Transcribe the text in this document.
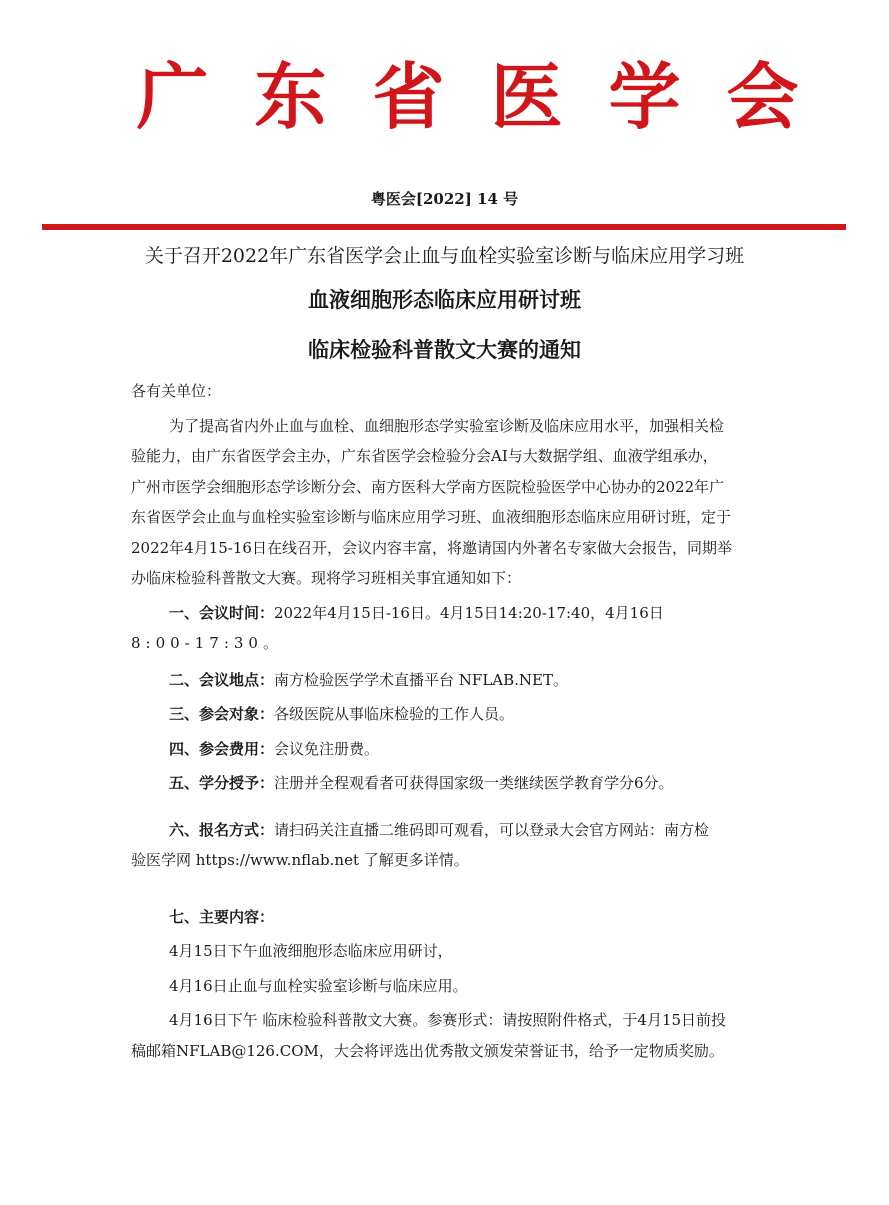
广东省医学会
粤医会[2022] 14 号
关于召开2022年广东省医学会止血与血栓实验室诊断与临床应用学习班
血液细胞形态临床应用研讨班
临床检验科普散文大赛的通知

各有关单位：

为了提高省内外止血与血栓、血细胞形态学实验室诊断及临床应用水平，加强相关检
验能力，由广东省医学会主办，广东省医学会检验分会AI与大数据学组、血液学组承办，
广州市医学会细胞形态学诊断分会、南方医科大学南方医院检验医学中心协办的2022年广
东省医学会止血与血栓实验室诊断与临床应用学习班、血液细胞形态临床应用研讨班，定于
2022年4月15-16日在线召开，会议内容丰富，将邀请国内外著名专家做大会报告，同期举
办临床检验科普散文大赛。现将学习班相关事宜通知如下：

一、会议时间：2022年4月15日-16日。4月15日14:20-17:40，4月16日
8:00-17:30。

二、会议地点：南方检验医学学术直播平台 NFLAB.NET。

三、参会对象：各级医院从事临床检验的工作人员。

四、参会费用：会议免注册费。

五、学分授予：注册并全程观看者可获得国家级一类继续医学教育学分6分。

六、报名方式：请扫码关注直播二维码即可观看，可以登录大会官方网站：南方检
验医学网 https://www.nflab.net 了解更多详情。

七、主要内容：

4月15日下午血液细胞形态临床应用研讨，

4月16日止血与血栓实验室诊断与临床应用。

4月16日下午 临床检验科普散文大赛。参赛形式：请按照附件格式，于4月15日前投
稿邮箱NFLAB@126.COM，大会将评选出优秀散文颁发荣誉证书，给予一定物质奖励。
